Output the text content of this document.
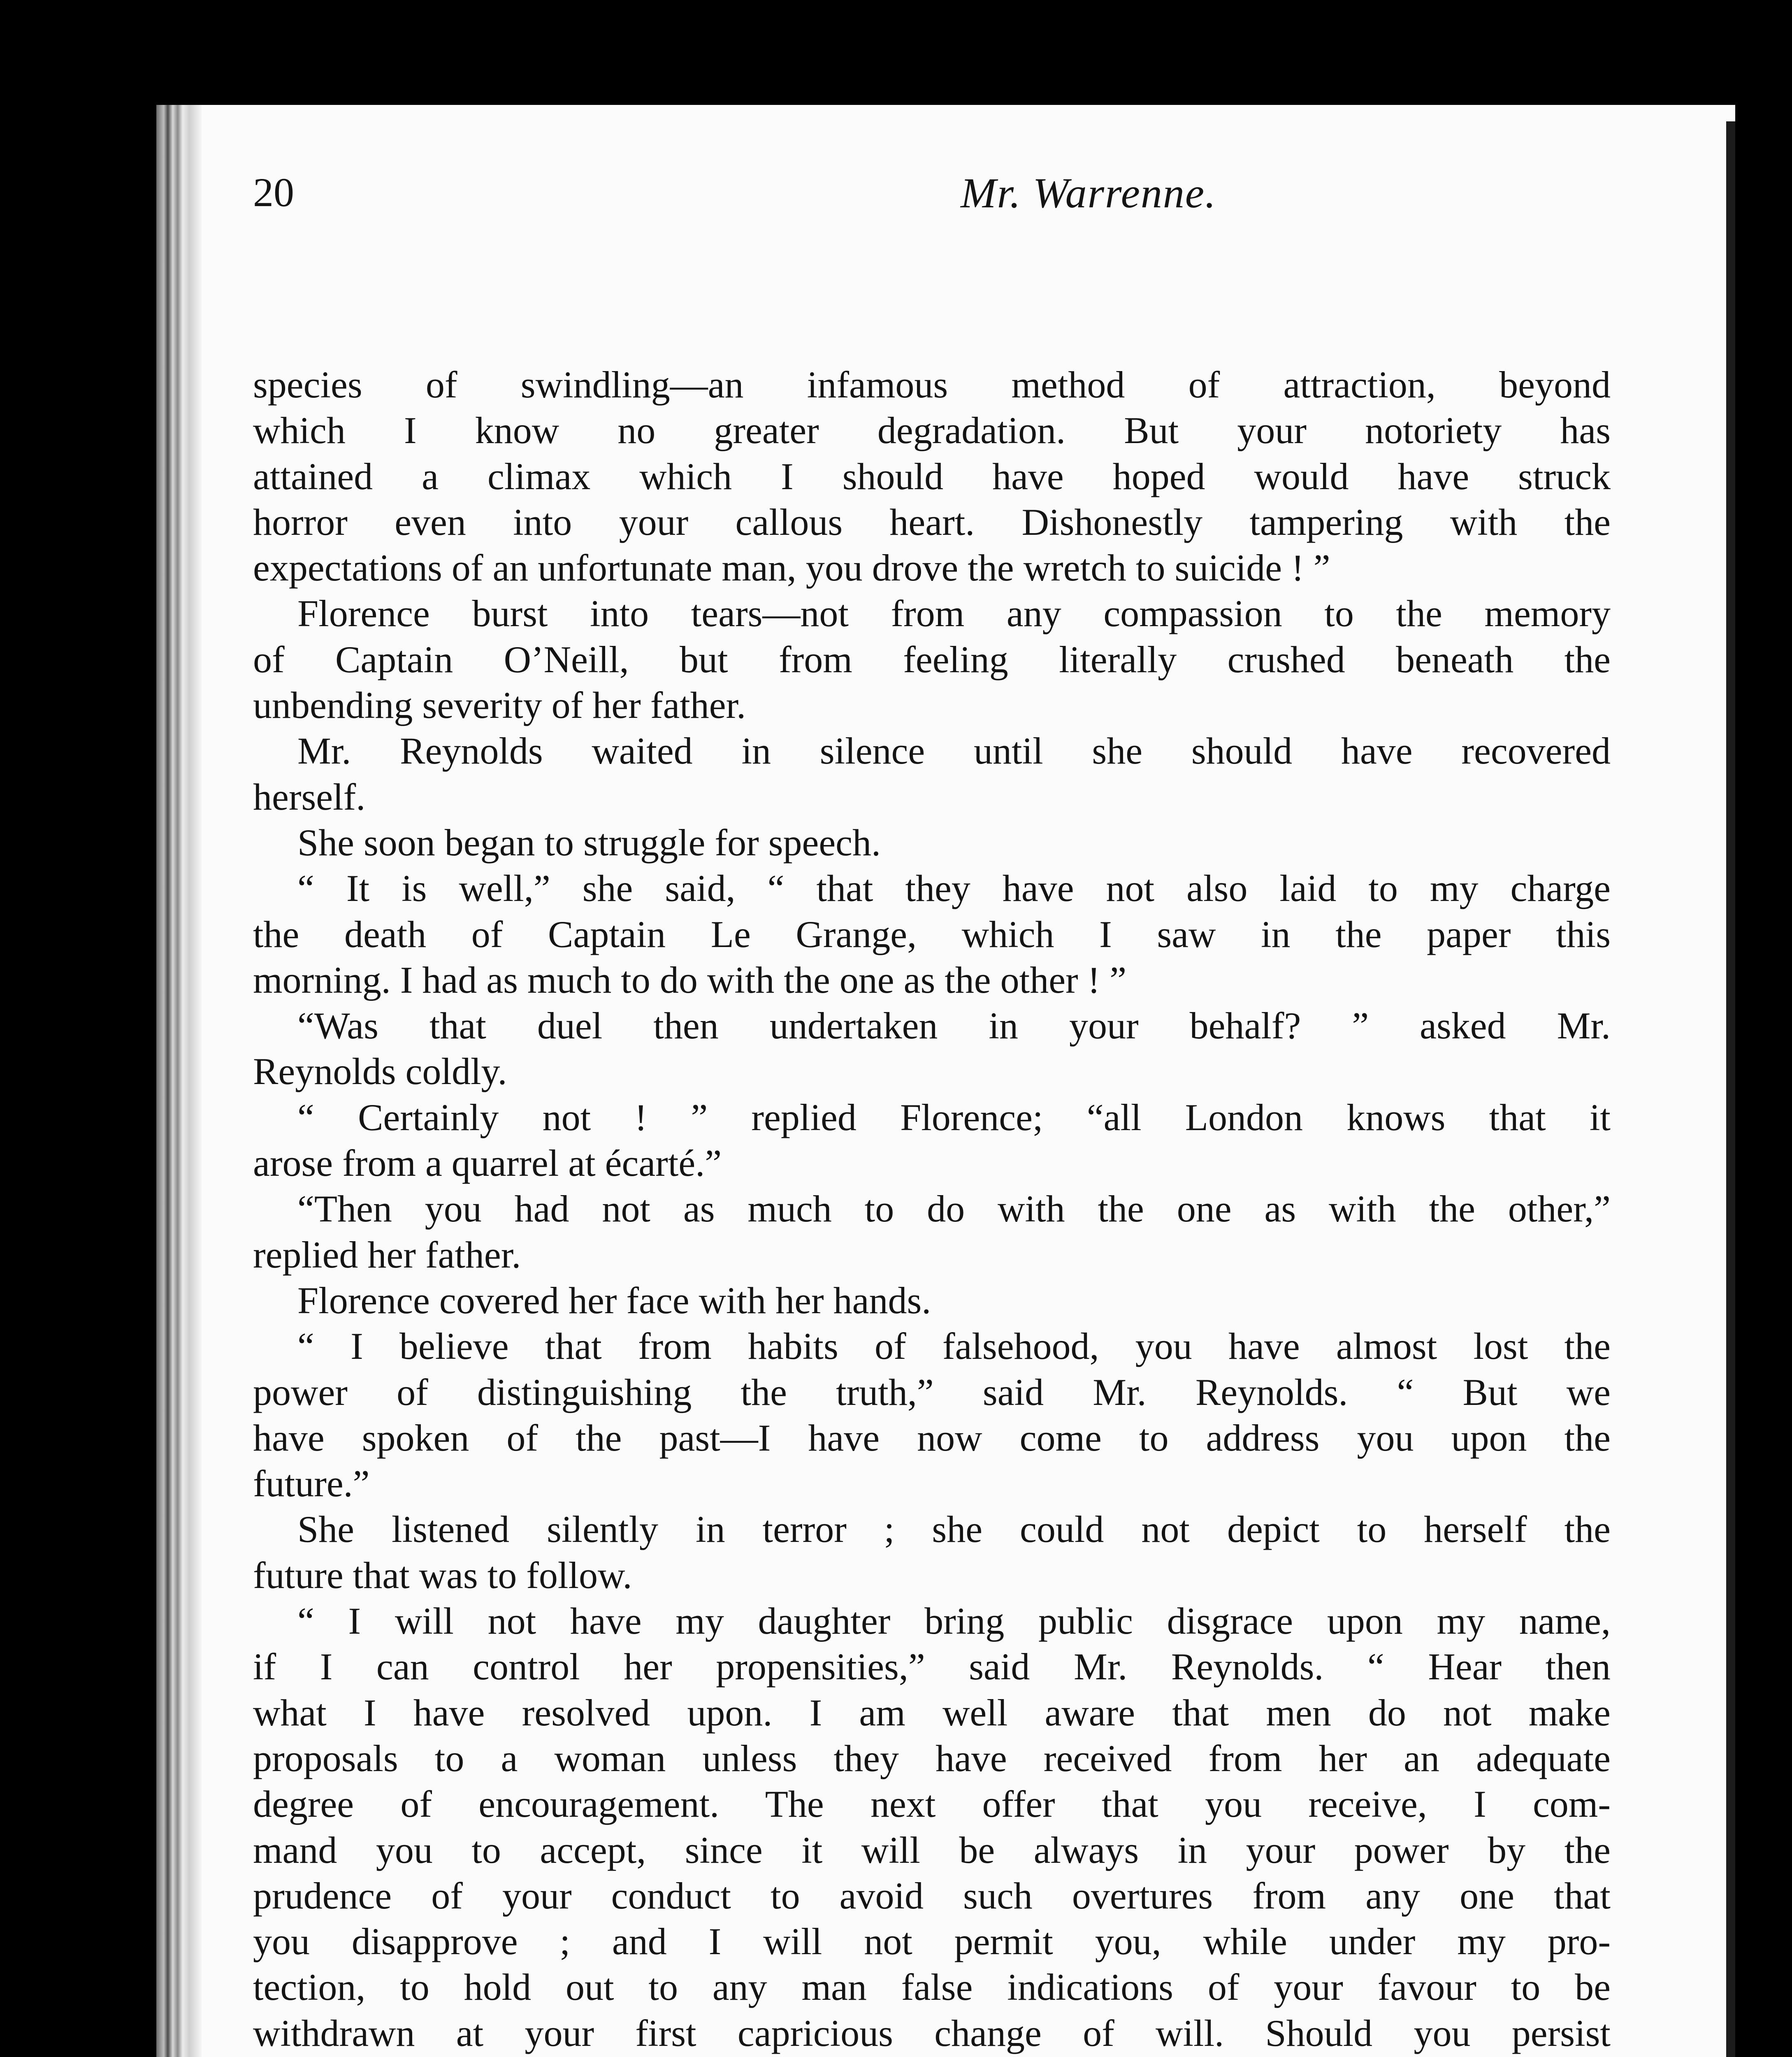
20	Mr. Warrenne.
species of swindling—an infamous method of attraction, beyond
which I know no greater degradation. But your notoriety has
attained a climax which I should have hoped would have struck
horror even into your callous heart. Dishonestly tampering with the
expectations of an unfortunate man, you drove the wretch to suicide ! ”
Florence burst into tears—not from any compassion to the memory
of Captain O’Neill, but from feeling literally crushed beneath the
unbending severity of her father.
Mr. Reynolds waited in silence until she should have recovered
herself.
She soon began to struggle for speech.
“ It is well,” she said, “ that they have not also laid to my charge
the death of Captain Le Grange, which I saw in the paper this
morning. I had as much to do with the one as the other ! ”
“Was that duel then undertaken in your behalf? ” asked Mr.
Reynolds coldly.
“ Certainly not ! ” replied Florence; “all London knows that it
arose from a quarrel at écarté.”
“Then you had not as much to do with the one as with the other,”
replied her father.
Florence covered her face with her hands.
“ I believe that from habits of falsehood, you have almost lost the
power of distinguishing the truth,” said Mr. Reynolds. “ But we
have spoken of the past—I have now come to address you upon the
future.”
She listened silently in terror ; she could not depict to herself the
future that was to follow.
“ I will not have my daughter bring public disgrace upon my name,
if I can control her propensities,” said Mr. Reynolds. “ Hear then
what I have resolved upon. I am well aware that men do not make
proposals to a woman unless they have received from her an adequate
degree of encouragement. The next offer that you receive, I com-
mand you to accept, since it will be always in your power by the
prudence of your conduct to avoid such overtures from any one that
you disapprove ; and I will not permit you, while under my pro-
tection, to hold out to any man false indications of your favour to be
withdrawn at your first capricious change of will. Should you persist
